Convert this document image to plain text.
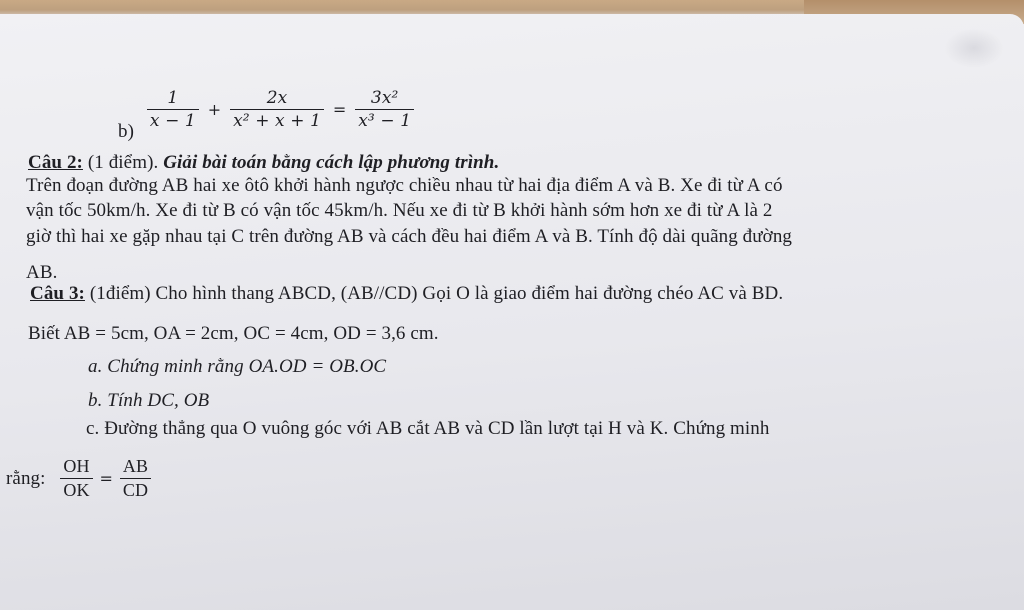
b)
$\frac{1}{x - 1} + \frac{2x}{\text{x² + x + 1}} = \frac{\text{3x²}}{\text{x³ − 1}}$
Câu 2: (1 điểm). Giải bài toán bằng cách lập phương trình.
Trên đoạn đường AB hai xe ôtô khởi hành ngược chiều nhau từ hai địa điểm A và B. Xe đi từ A có
vận tốc 50km/h. Xe đi từ B có vận tốc 45km/h. Nếu xe đi từ B khởi hành sớm hơn xe đi từ A là 2
giờ thì hai xe gặp nhau tại C trên đường AB và cách đều hai điểm A và B. Tính độ dài quãng đường
AB.
Câu 3: (1điểm) Cho hình thang ABCD, (AB//CD) Gọi O là giao điểm hai đường chéo AC và BD.
Biết AB = 5cm, OA = 2cm, OC = 4cm, OD = 3,6 cm.
a. Chứng minh rằng OA.OD = OB.OC
b. Tính DC, OB
c. Đường thẳng qua O vuông góc với AB cắt AB và CD lần lượt tại H và K. Chứng minh
rằng: $\frac{OH}{OK} = \frac{AB}{CD}$
